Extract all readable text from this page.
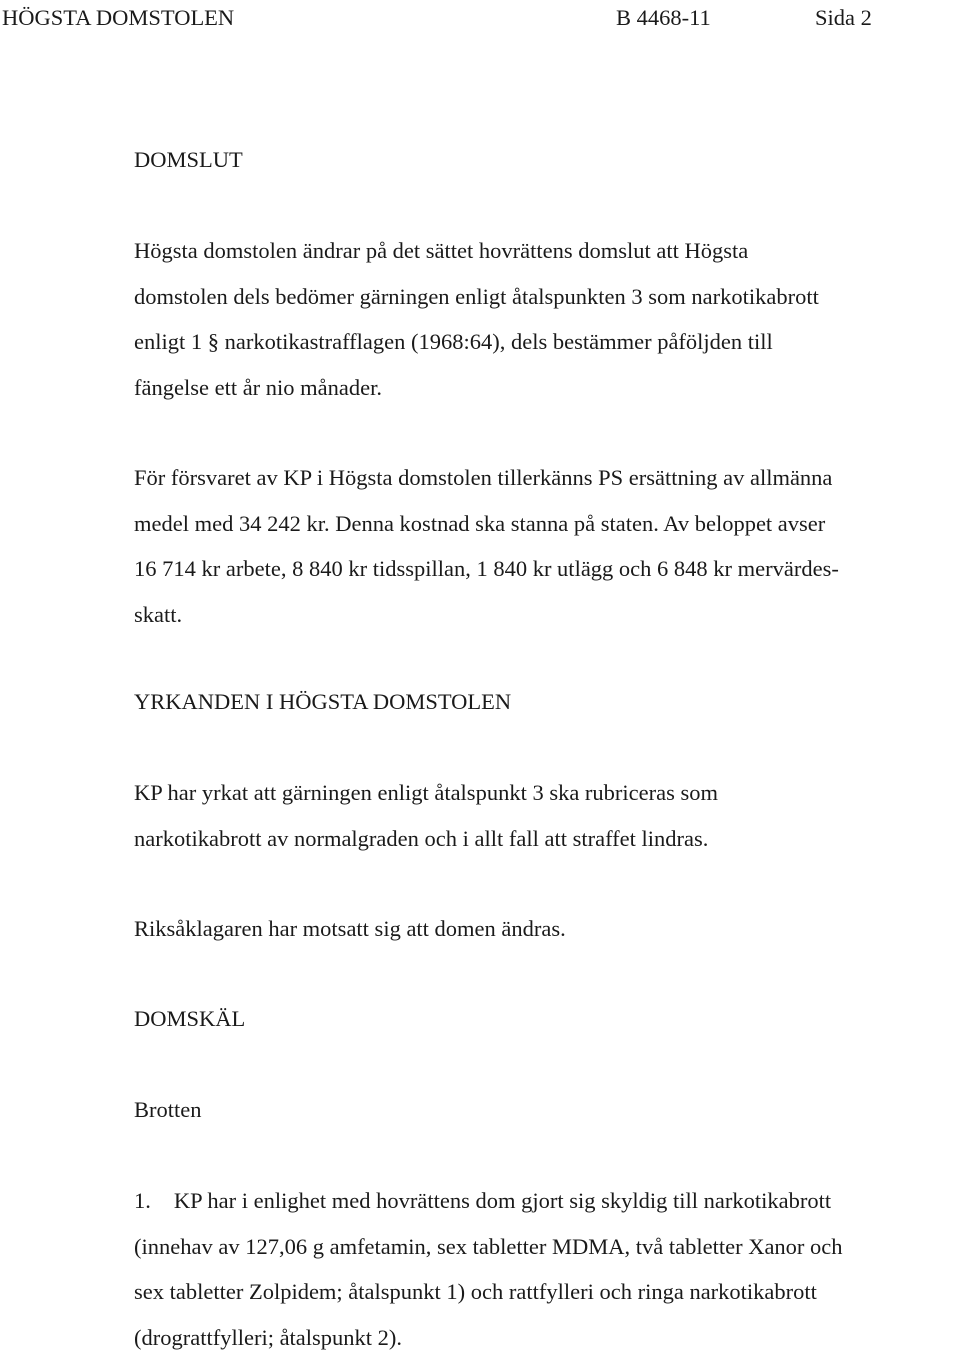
HÖGSTA DOMSTOLEN	B 4468-11	Sida 2
DOMSLUT
Högsta domstolen ändrar på det sättet hovrättens domslut att Högsta
domstolen dels bedömer gärningen enligt åtalspunkten 3 som narkotikabrott
enligt 1 § narkotikastrafflagen (1968:64), dels bestämmer påföljden till
fängelse ett år nio månader.
För försvaret av KP i Högsta domstolen tillerkänns PS ersättning av allmänna
medel med 34 242 kr. Denna kostnad ska stanna på staten. Av beloppet avser
16 714 kr arbete, 8 840 kr tidsspillan, 1 840 kr utlägg och 6 848 kr mervärdes-
skatt.
YRKANDEN I HÖGSTA DOMSTOLEN
KP har yrkat att gärningen enligt åtalspunkt 3 ska rubriceras som
narkotikabrott av normalgraden och i allt fall att straffet lindras.
Riksåklagaren har motsatt sig att domen ändras.
DOMSKÄL
Brotten
1. KP har i enlighet med hovrättens dom gjort sig skyldig till narkotikabrott
(innehav av 127,06 g amfetamin, sex tabletter MDMA, två tabletter Xanor och
sex tabletter Zolpidem; åtalspunkt 1) och rattfylleri och ringa narkotikabrott
(drograttfylleri; åtalspunkt 2).
